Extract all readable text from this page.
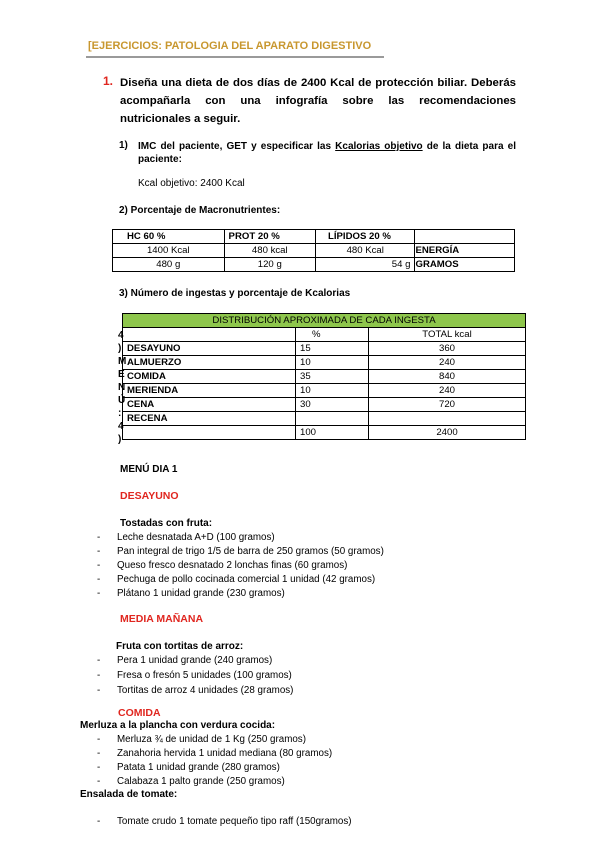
[EJERCICIOS: PATOLOGIA DEL APARATO DIGESTIVO
1. Diseña una dieta de dos días de 2400 Kcal de protección biliar. Deberás acompañarla con una infografía sobre las recomendaciones nutricionales a seguir.
1) IMC del paciente, GET y especificar las Kcalorias objetivo de la dieta para el paciente:
Kcal objetivo: 2400 Kcal
2) Porcentaje de Macronutrientes:
HC 60 %	PROT 20 %	LÍPIDOS 20 %	
1400 Kcal	480 kcal	480 Kcal	ENERGÍA
480 g	120 g	54 g	GRAMOS
3) Número de ingestas y porcentaje de Kcalorias
4
)
M
E
N
Ú
:
4
)
DISTRIBUCIÓN APROXIMADA DE CADA INGESTA		
	%	TOTAL kcal
DESAYUNO	15	360
ALMUERZO	10	240
COMIDA	35	840
MERIENDA	10	240
CENA	30	720
RECENA		
	100	2400
MENÚ DIA 1
DESAYUNO
Tostadas con fruta:
- Leche desnatada A+D (100 gramos)
- Pan integral de trigo 1/5 de barra de 250 gramos (50 gramos)
- Queso fresco desnatado 2 lonchas finas (60 gramos)
- Pechuga de pollo cocinada comercial 1 unidad (42 gramos)
- Plátano 1 unidad grande (230 gramos)
MEDIA MAÑANA
Fruta con tortitas de arroz:
- Pera 1 unidad grande (240 gramos)
- Fresa o fresón 5 unidades (100 gramos)
- Tortitas de arroz 4 unidades (28 gramos)
COMIDA
Merluza a la plancha con verdura cocida:
- Merluza ¾ de unidad de 1 Kg (250 gramos)
- Zanahoria hervida 1 unidad mediana (80 gramos)
- Patata 1 unidad grande (280 gramos)
- Calabaza 1 palto grande (250 gramos)
Ensalada de tomate:
- Tomate crudo 1 tomate pequeño tipo raff (150gramos)
